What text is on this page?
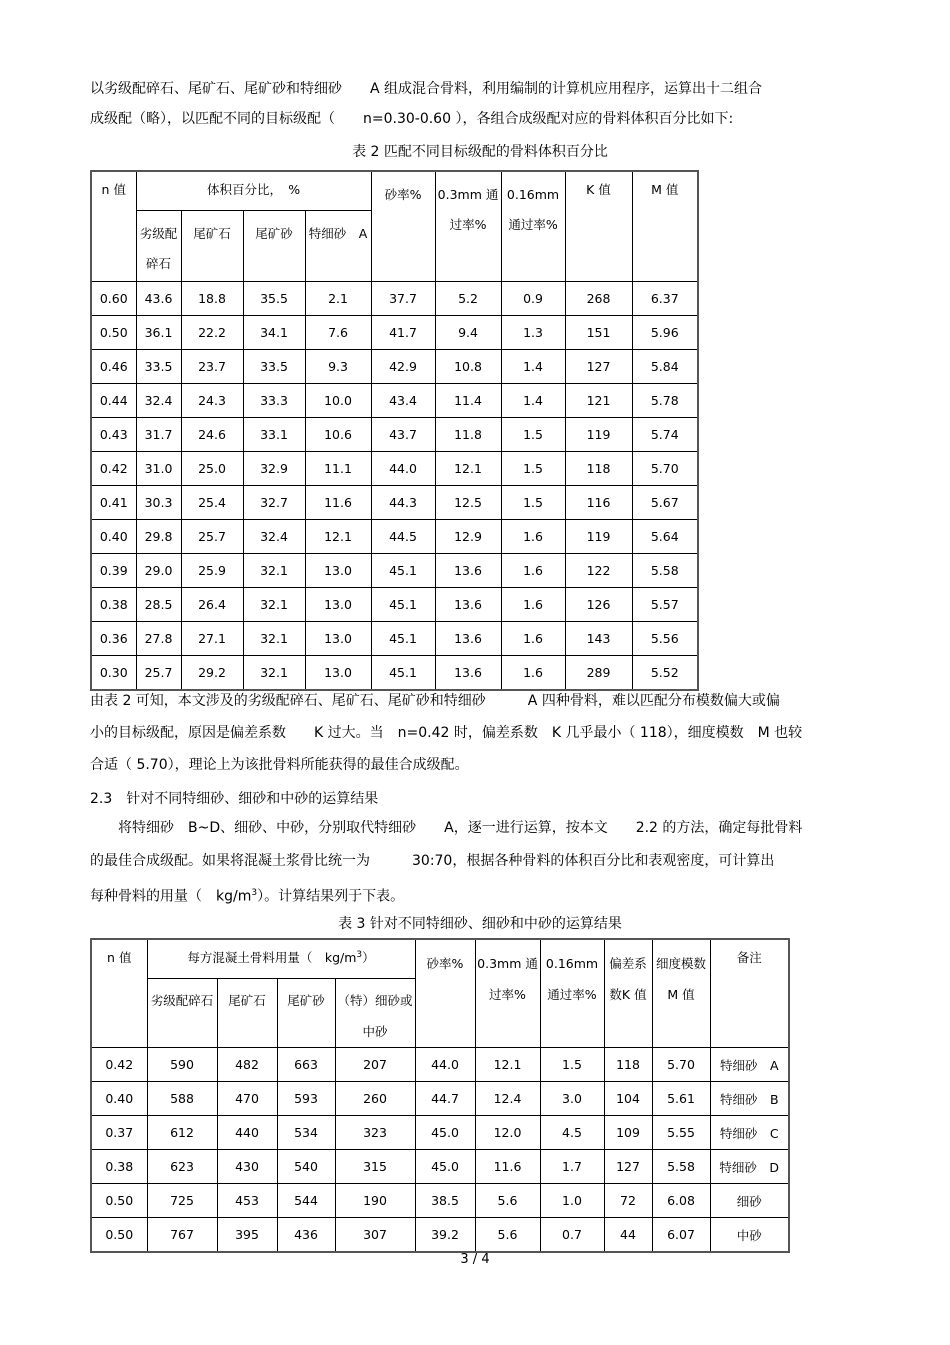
以劣级配碎石、尾矿石、尾矿砂和特细砂　　A 组成混合骨料，利用编制的计算机应用程序，运算出十二组合

成级配（略），以匹配不同的目标级配（　　n=0.30-0.60 ），各组合成级配对应的骨料体积百分比如下:

表 2 匹配不同目标级配的骨料体积百分比

n 值	体积百分比，　%				砂率%	0.3mm 通过率%	0.16mm 通过率%	K 值	M 值
	劣级配碎石	尾矿石	尾矿砂	特细砂　A					
0.60	43.6	18.8	35.5	2.1	37.7	5.2	0.9	268	6.37
0.50	36.1	22.2	34.1	7.6	41.7	9.4	1.3	151	5.96
0.46	33.5	23.7	33.5	9.3	42.9	10.8	1.4	127	5.84
0.44	32.4	24.3	33.3	10.0	43.4	11.4	1.4	121	5.78
0.43	31.7	24.6	33.1	10.6	43.7	11.8	1.5	119	5.74
0.42	31.0	25.0	32.9	11.1	44.0	12.1	1.5	118	5.70
0.41	30.3	25.4	32.7	11.6	44.3	12.5	1.5	116	5.67
0.40	29.8	25.7	32.4	12.1	44.5	12.9	1.6	119	5.64
0.39	29.0	25.9	32.1	13.0	45.1	13.6	1.6	122	5.58
0.38	28.5	26.4	32.1	13.0	45.1	13.6	1.6	126	5.57
0.36	27.8	27.1	32.1	13.0	45.1	13.6	1.6	143	5.56
0.30	25.7	29.2	32.1	13.0	45.1	13.6	1.6	289	5.52

由表 2 可知，本文涉及的劣级配碎石、尾矿石、尾矿砂和特细砂　　　A 四种骨料，难以匹配分布模数偏大或偏

小的目标级配，原因是偏差系数　　K 过大。当　n=0.42 时，偏差系数　K 几乎最小（ 118），细度模数　M 也较

合适（ 5.70），理论上为该批骨料所能获得的最佳合成级配。

2.3　针对不同特细砂、细砂和中砂的运算结果

将特细砂　B~D、细砂、中砂，分别取代特细砂　　A，逐一进行运算，按本文　　2.2 的方法，确定每批骨料

的最佳合成级配。如果将混凝土浆骨比统一为　　　30:70，根据各种骨料的体积百分比和表观密度，可计算出

每种骨料的用量（　$kg/m^3$）。计算结果列于下表。

表 3 针对不同特细砂、细砂和中砂的运算结果

n 值	每方混凝土骨料用量（　$kg/m^3$）				砂率%	0.3mm 通过率%	0.16mm 通过率%	偏差系数K 值	细度模数M 值	备注
	劣级配碎石	尾矿石	尾矿砂	（特）细砂或中砂						
0.42	590	482	663	207	44.0	12.1	1.5	118	5.70	特细砂　A
0.40	588	470	593	260	44.7	12.4	3.0	104	5.61	特细砂　B
0.37	612	440	534	323	45.0	12.0	4.5	109	5.55	特细砂　C
0.38	623	430	540	315	45.0	11.6	1.7	127	5.58	特细砂　D
0.50	725	453	544	190	38.5	5.6	1.0	72	6.08	细砂
0.50	767	395	436	307	39.2	5.6	0.7	44	6.07	中砂
3 / 4
